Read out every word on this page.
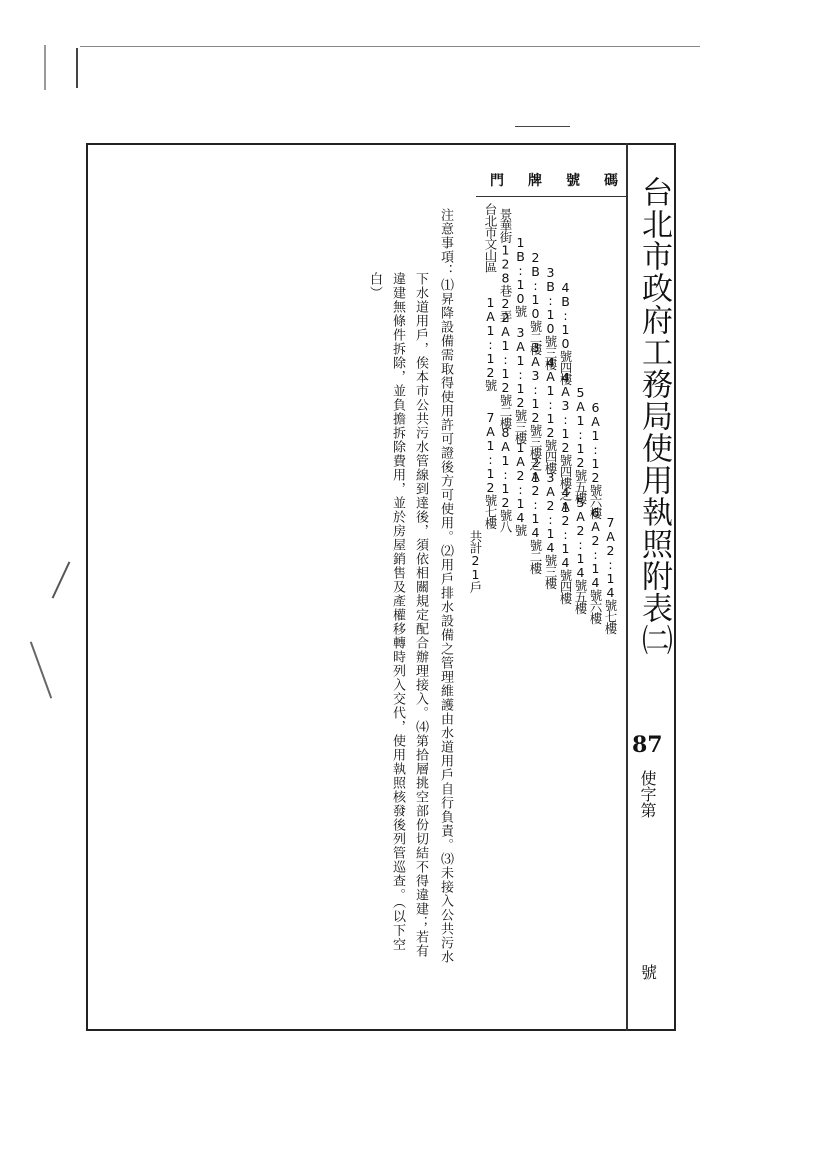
門 牌 號 碼 台北市政府工務局使用執照附表㈡
台北市文山區 景華街128巷2弄 1B:10號 2B:10號二樓 3B:10號三樓 4B:10號四樓
1A1:12號 2A1:12號二樓 3A1:12號三樓 3A3:12號三樓之1 4A1:12號四樓 4A3:12號四樓之1 5A1:12號五樓 6A1:12號六樓
7A1:12號七樓 8A1:12號八 1A2:14號 2A2:14號二樓 3A2:14號三樓 4A2:14號四樓 5A2:14號五樓 6A2:14號六樓 7A2:14號七樓
共計21戶
注意事項：⑴昇降設備需取得使用許可證後方可使用。⑵用戶排水設備之管理維護由水道用戶自行負責。⑶未接入公共污水
下水道用戶，俟本市公共污水管線到達後，須依相關規定配合辦理接入。⑷第拾層挑空部份切結不得違建；若有
違建無條件拆除，並負擔拆除費用，並於房屋銷售及產權移轉時列入交代，使用執照核發後列管巡查。（以下空
白）
87
使字第
號
